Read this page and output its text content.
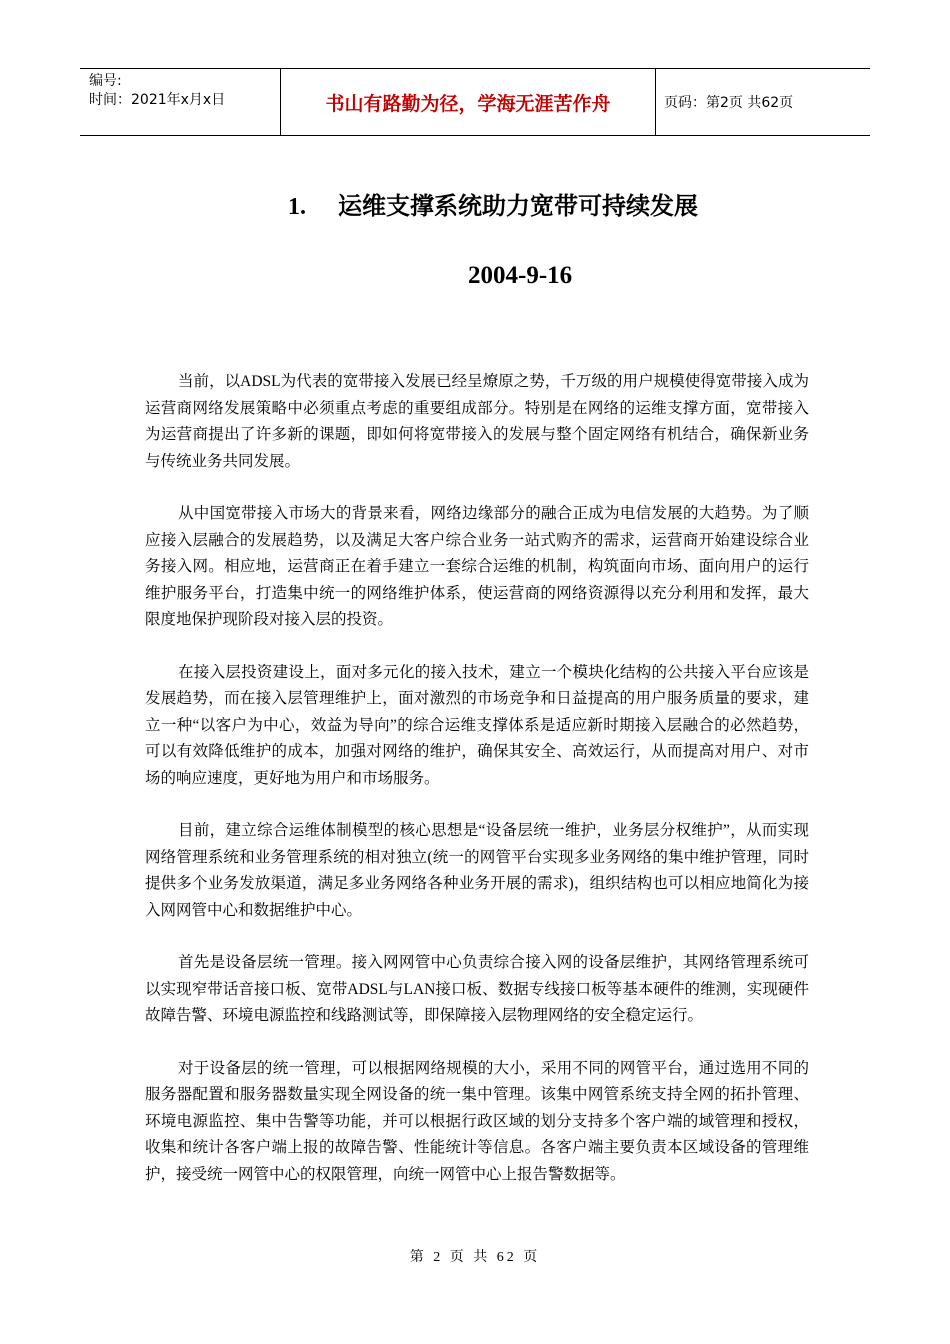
编号:
时间：2021年x月x日	书山有路勤为径，学海无涯苦作舟	页码：第2页 共62页
1. 运维支撑系统助力宽带可持续发展
2004-9-16

当前，以ADSL为代表的宽带接入发展已经呈燎原之势，千万级的用户规模使得宽带接入成为运营商网络发展策略中必须重点考虑的重要组成部分。特别是在网络的运维支撑方面，宽带接入为运营商提出了许多新的课题，即如何将宽带接入的发展与整个固定网络有机结合，确保新业务与传统业务共同发展。

从中国宽带接入市场大的背景来看，网络边缘部分的融合正成为电信发展的大趋势。为了顺应接入层融合的发展趋势，以及满足大客户综合业务一站式购齐的需求，运营商开始建设综合业务接入网。相应地，运营商正在着手建立一套综合运维的机制，构筑面向市场、面向用户的运行维护服务平台，打造集中统一的网络维护体系，使运营商的网络资源得以充分利用和发挥，最大限度地保护现阶段对接入层的投资。

在接入层投资建设上，面对多元化的接入技术，建立一个模块化结构的公共接入平台应该是发展趋势，而在接入层管理维护上，面对激烈的市场竞争和日益提高的用户服务质量的要求，建立一种“以客户为中心，效益为导向”的综合运维支撑体系是适应新时期接入层融合的必然趋势，可以有效降低维护的成本，加强对网络的维护，确保其安全、高效运行，从而提高对用户、对市场的响应速度，更好地为用户和市场服务。

目前，建立综合运维体制模型的核心思想是“设备层统一维护，业务层分权维护”，从而实现网络管理系统和业务管理系统的相对独立(统一的网管平台实现多业务网络的集中维护管理，同时提供多个业务发放渠道，满足多业务网络各种业务开展的需求)，组织结构也可以相应地简化为接入网网管中心和数据维护中心。

首先是设备层统一管理。接入网网管中心负责综合接入网的设备层维护，其网络管理系统可以实现窄带话音接口板、宽带ADSL与LAN接口板、数据专线接口板等基本硬件的维测，实现硬件故障告警、环境电源监控和线路测试等，即保障接入层物理网络的安全稳定运行。

对于设备层的统一管理，可以根据网络规模的大小，采用不同的网管平台，通过选用不同的服务器配置和服务器数量实现全网设备的统一集中管理。该集中网管系统支持全网的拓扑管理、环境电源监控、集中告警等功能，并可以根据行政区域的划分支持多个客户端的域管理和授权，收集和统计各客户端上报的故障告警、性能统计等信息。各客户端主要负责本区域设备的管理维护，接受统一网管中心的权限管理，向统一网管中心上报告警数据等。

第 2 页 共 62 页
